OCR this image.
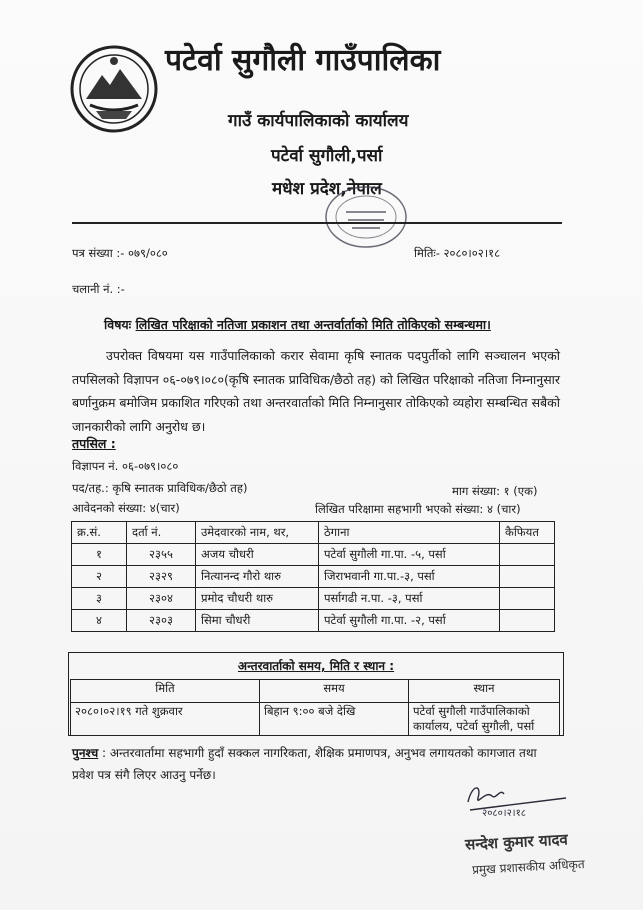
पटेर्वा सुगौली गाउँपालिका
गाउँ कार्यपालिकाको कार्यालय
पटेर्वा सुगौली,पर्सा
मधेश प्रदेश,नेपाल
पत्र संख्या :- ०७९/०८०	मितिः- २०८०।०२।१८
चलानी नं. :-
विषयः लिखित परिक्षाको नतिजा प्रकाशन तथा अन्तर्वार्ताको मिति तोकिएको सम्बन्धमा।
उपरोक्त विषयमा यस गाउँपालिकाको करार सेवामा कृषि स्नातक पदपुर्तीको लागि सञ्चालन भएको तपसिलको विज्ञापन ०६-०७९।०८०(कृषि स्नातक प्राविधिक/छैठो तह) को लिखित परिक्षाको नतिजा निम्नानुसार बर्णानुक्रम बमोजिम प्रकाशित गरिएको तथा अन्तरवार्ताको मिति निम्नानुसार तोकिएको व्यहोरा सम्बन्धित सबैको जानकारीको लागि अनुरोध छ।
तपसिल :
विज्ञापन नं. ०६-०७९।०८०
पद/तह.: कृषि स्नातक प्राविधिक/छैठो तह)	माग संख्या: १ (एक)
आवेदनको संख्या: ४(चार)	लिखित परिक्षामा सहभागी भएको संख्या: ४ (चार)
क्र.सं.	दर्ता नं.	उमेदवारको नाम, थर,	ठेगाना	कैफियत
१	२३५५	अजय चौधरी	पटेर्वा सुगौली गा.पा. -५, पर्सा	
२	२३२९	नित्यानन्द गौरो थारु	जिराभवानी गा.पा.-३, पर्सा	
३	२३०४	प्रमोद चौधरी थारु	पर्सागढी न.पा. -३, पर्सा	
४	२३०३	सिमा चौधरी	पटेर्वा सुगौली गा.पा. -२, पर्सा	
अन्तरवार्ताको समय, मिति र स्थान :
मिति	समय	स्थान
२०८०।०२।१९ गते शुक्रवार	बिहान ९:०० बजे देखि	पटेर्वा सुगौली गाउँपालिकाको कार्यालय, पटेर्वा सुगौली, पर्सा
पुनश्च : अन्तरवार्तामा सहभागी हुदाँ सक्कल नागरिकता, शैक्षिक प्रमाणपत्र, अनुभव लगायतको कागजात तथा प्रवेश पत्र संगै लिएर आउनु पर्नेछ।
२०८०।२।१८
सन्देश कुमार यादव
प्रमुख प्रशासकीय अधिकृत
